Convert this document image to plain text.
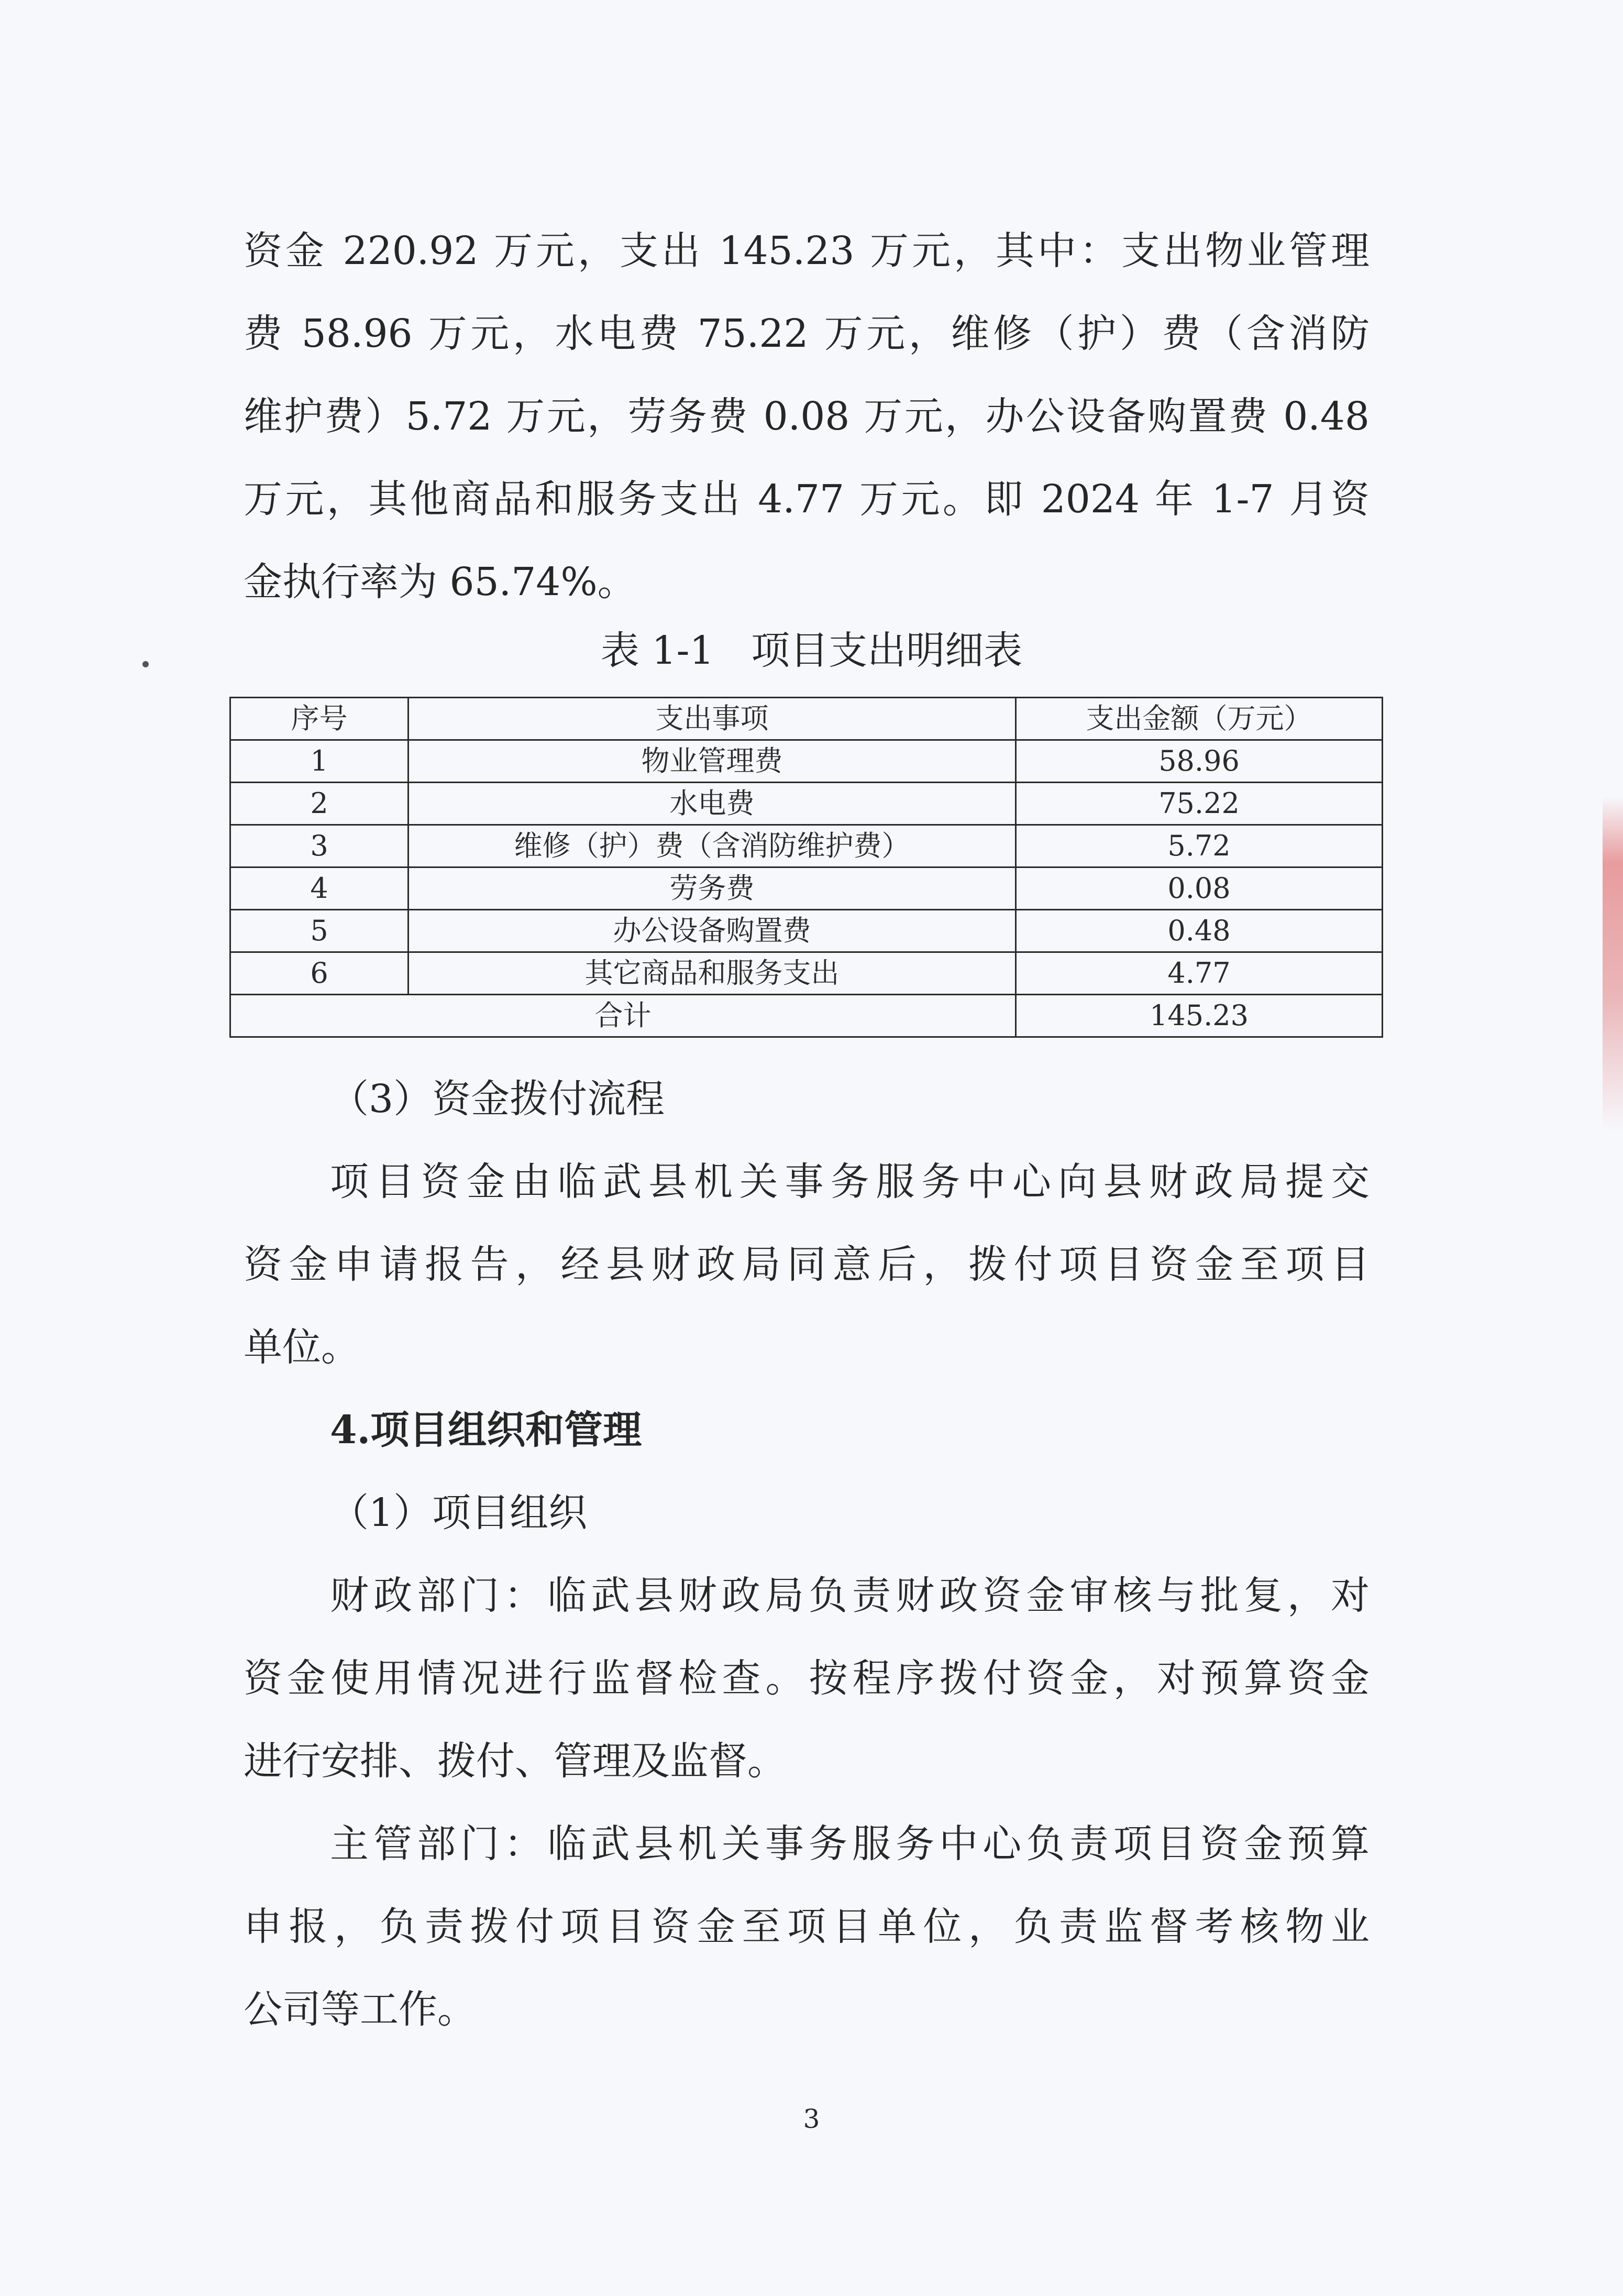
资金 220.92 万元，支出 145.23 万元，其中：支出物业管理
费 58.96 万元，水电费 75.22 万元，维修（护）费（含消防
维护费）5.72 万元，劳务费 0.08 万元，办公设备购置费 0.48
万元，其他商品和服务支出 4.77 万元。即 2024 年 1-7 月资
金执行率为 65.74%。
表 1-1   项目支出明细表
序号	支出事项	支出金额（万元）
1	物业管理费	58.96
2	水电费	75.22
3	维修（护）费（含消防维护费）	5.72
4	劳务费	0.08
5	办公设备购置费	0.48
6	其它商品和服务支出	4.77
合计		145.23
（3）资金拨付流程
项目资金由临武县机关事务服务中心向县财政局提交
资金申请报告，经县财政局同意后，拨付项目资金至项目
单位。
4.项目组织和管理
（1）项目组织
财政部门：临武县财政局负责财政资金审核与批复，对
资金使用情况进行监督检查。按程序拨付资金，对预算资金
进行安排、拨付、管理及监督。
主管部门：临武县机关事务服务中心负责项目资金预算
申报，负责拨付项目资金至项目单位，负责监督考核物业
公司等工作。
3
